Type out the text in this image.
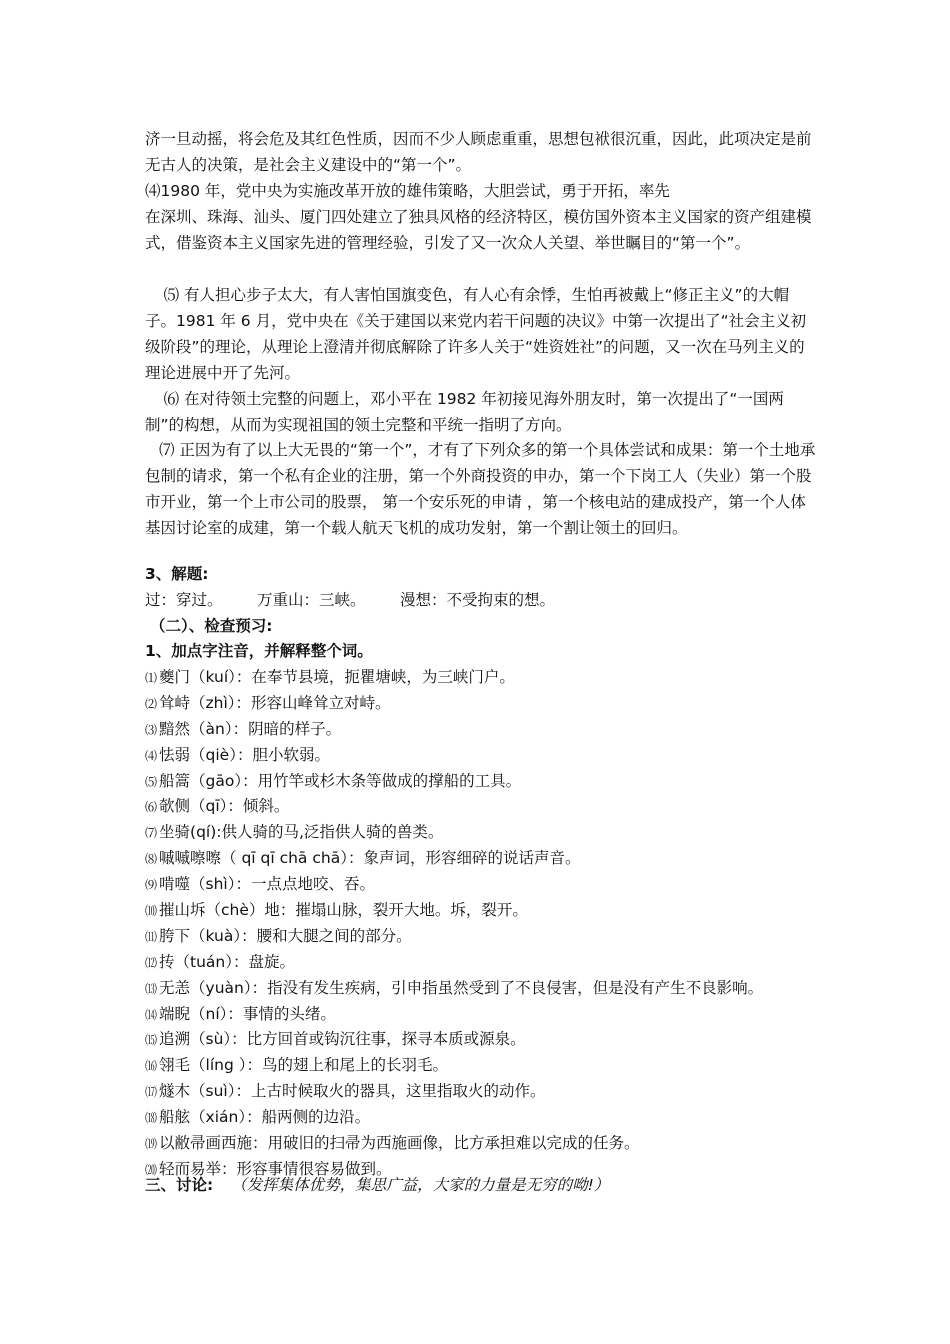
济一旦动摇，将会危及其红色性质，因而不少人顾虑重重，思想包袱很沉重，因此，此项决定是前无古人的决策，是社会主义建设中的“第一个”。

⑷1980 年，党中央为实施改革开放的雄伟策略，大胆尝试，勇于开拓，率先

在深圳、珠海、汕头、厦门四处建立了独具风格的经济特区，模仿国外资本主义国家的资产组建模式，借鉴资本主义国家先进的管理经验，引发了又一次众人关望、举世瞩目的“第一个”。

⑸ 有人担心步子太大，有人害怕国旗变色，有人心有余悸，生怕再被戴上“修正主义”的大帽子。1981 年 6 月，党中央在《关于建国以来党内若干问题的决议》中第一次提出了“社会主义初级阶段”的理论，从理论上澄清并彻底解除了许多人关于“姓资姓社”的问题，又一次在马列主义的理论进展中开了先河。

⑹ 在对待领土完整的问题上，邓小平在 1982 年初接见海外朋友时，第一次提出了“一国两制”的构想，从而为实现祖国的领土完整和平统一指明了方向。

⑺ 正因为有了以上大无畏的“第一个”，才有了下列众多的第一个具体尝试和成果：第一个土地承包制的请求，第一个私有企业的注册，第一个外商投资的申办，第一个下岗工人（失业）第一个股市开业，第一个上市公司的股票， 第一个安乐死的申请 ，第一个核电站的建成投产，第一个人体基因讨论室的成建，第一个载人航天飞机的成功发射，第一个割让领土的回归。

3、解题:

过：穿过。       万重山：三峡。       漫想：不受拘束的想。

（二）、检查预习:

1、加点字注音，并解释整个词。

⑴ 夔门（kuí）：在奉节县境，扼瞿塘峡，为三峡门户。
⑵ 耸峙（zhì）：形容山峰耸立对峙。
⑶ 黯然（àn）：阴暗的样子。
⑷ 怯弱（qiè）：胆小软弱。
⑸ 船篙（gāo）：用竹竿或杉木条等做成的撑船的工具。
⑹ 欹侧（qī）：倾斜。
⑺ 坐骑(qí):供人骑的马,泛指供人骑的兽类。
⑻ 嘁嘁嚓嚓（ qī qī chā chā）：象声词，形容细碎的说话声音。
⑼ 啃噬（shì）：一点点地咬、吞。
⑽ 摧山坼（chè）地：摧塌山脉，裂开大地。坼，裂开。
⑾ 胯下（kuà）：腰和大腿之间的部分。
⑿ 抟（tuán）：盘旋。
⒀ 无恙（yuàn）：指没有发生疾病，引申指虽然受到了不良侵害，但是没有产生不良影响。
⒁ 端睨（ní）：事情的头绪。
⒂ 追溯（sù）：比方回首或钩沉往事，探寻本质或源泉。
⒃ 翎毛（líng ）：鸟的翅上和尾上的长羽毛。
⒄ 燧木（suì）：上古时候取火的器具，这里指取火的动作。
⒅ 船舷（xián）：船两侧的边沿。
⒆ 以敝帚画西施：用破旧的扫帚为西施画像，比方承担难以完成的任务。
⒇ 轻而易举：形容事情很容易做到。
三、讨论: （发挥集体优势，集思广益，大家的力量是无穷的呦!）
